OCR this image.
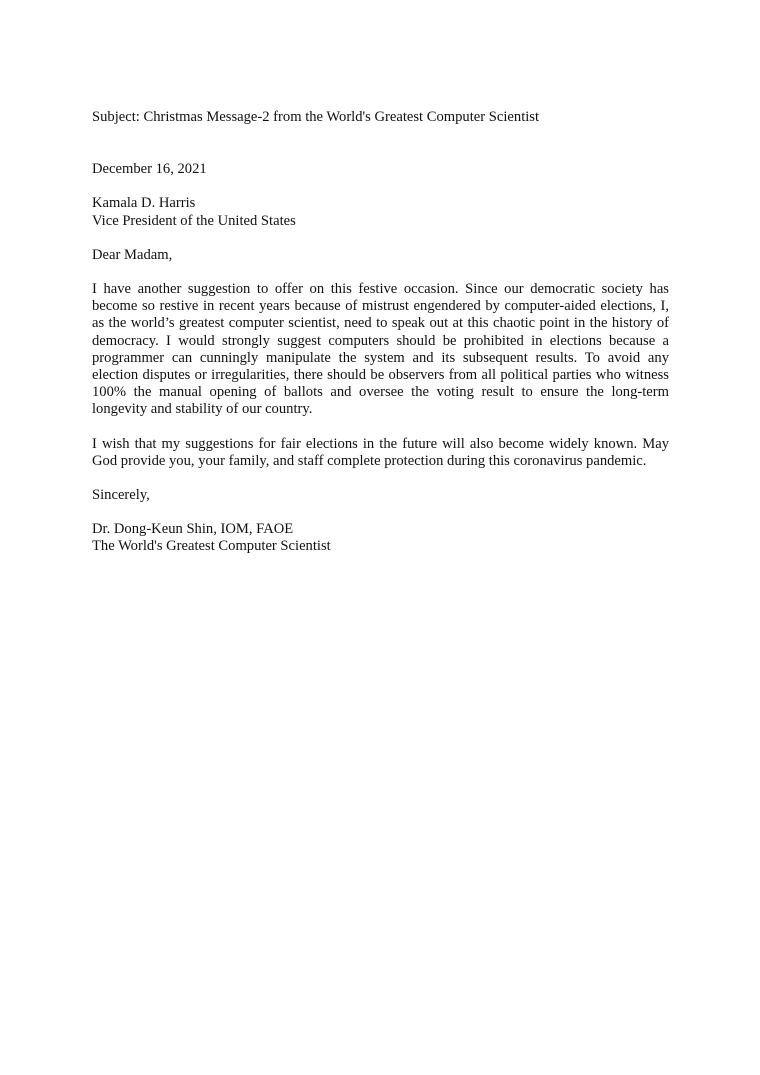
Subject: Christmas Message-2 from the World's Greatest Computer Scientist
December 16, 2021
Kamala D. Harris
Vice President of the United States
Dear Madam,

I have another suggestion to offer on this festive occasion. Since our democratic society has become so restive in recent years because of mistrust engendered by computer-aided elections, I, as the world’s greatest computer scientist, need to speak out at this chaotic point in the history of democracy. I would strongly suggest computers should be prohibited in elections because a programmer can cunningly manipulate the system and its subsequent results. To avoid any election disputes or irregularities, there should be observers from all political parties who witness 100% the manual opening of ballots and oversee the voting result to ensure the long-term longevity and stability of our country.

I wish that my suggestions for fair elections in the future will also become widely known. May God provide you, your family, and staff complete protection during this coronavirus pandemic.

Sincerely,
Dr. Dong-Keun Shin, IOM, FAOE
The World's Greatest Computer Scientist
